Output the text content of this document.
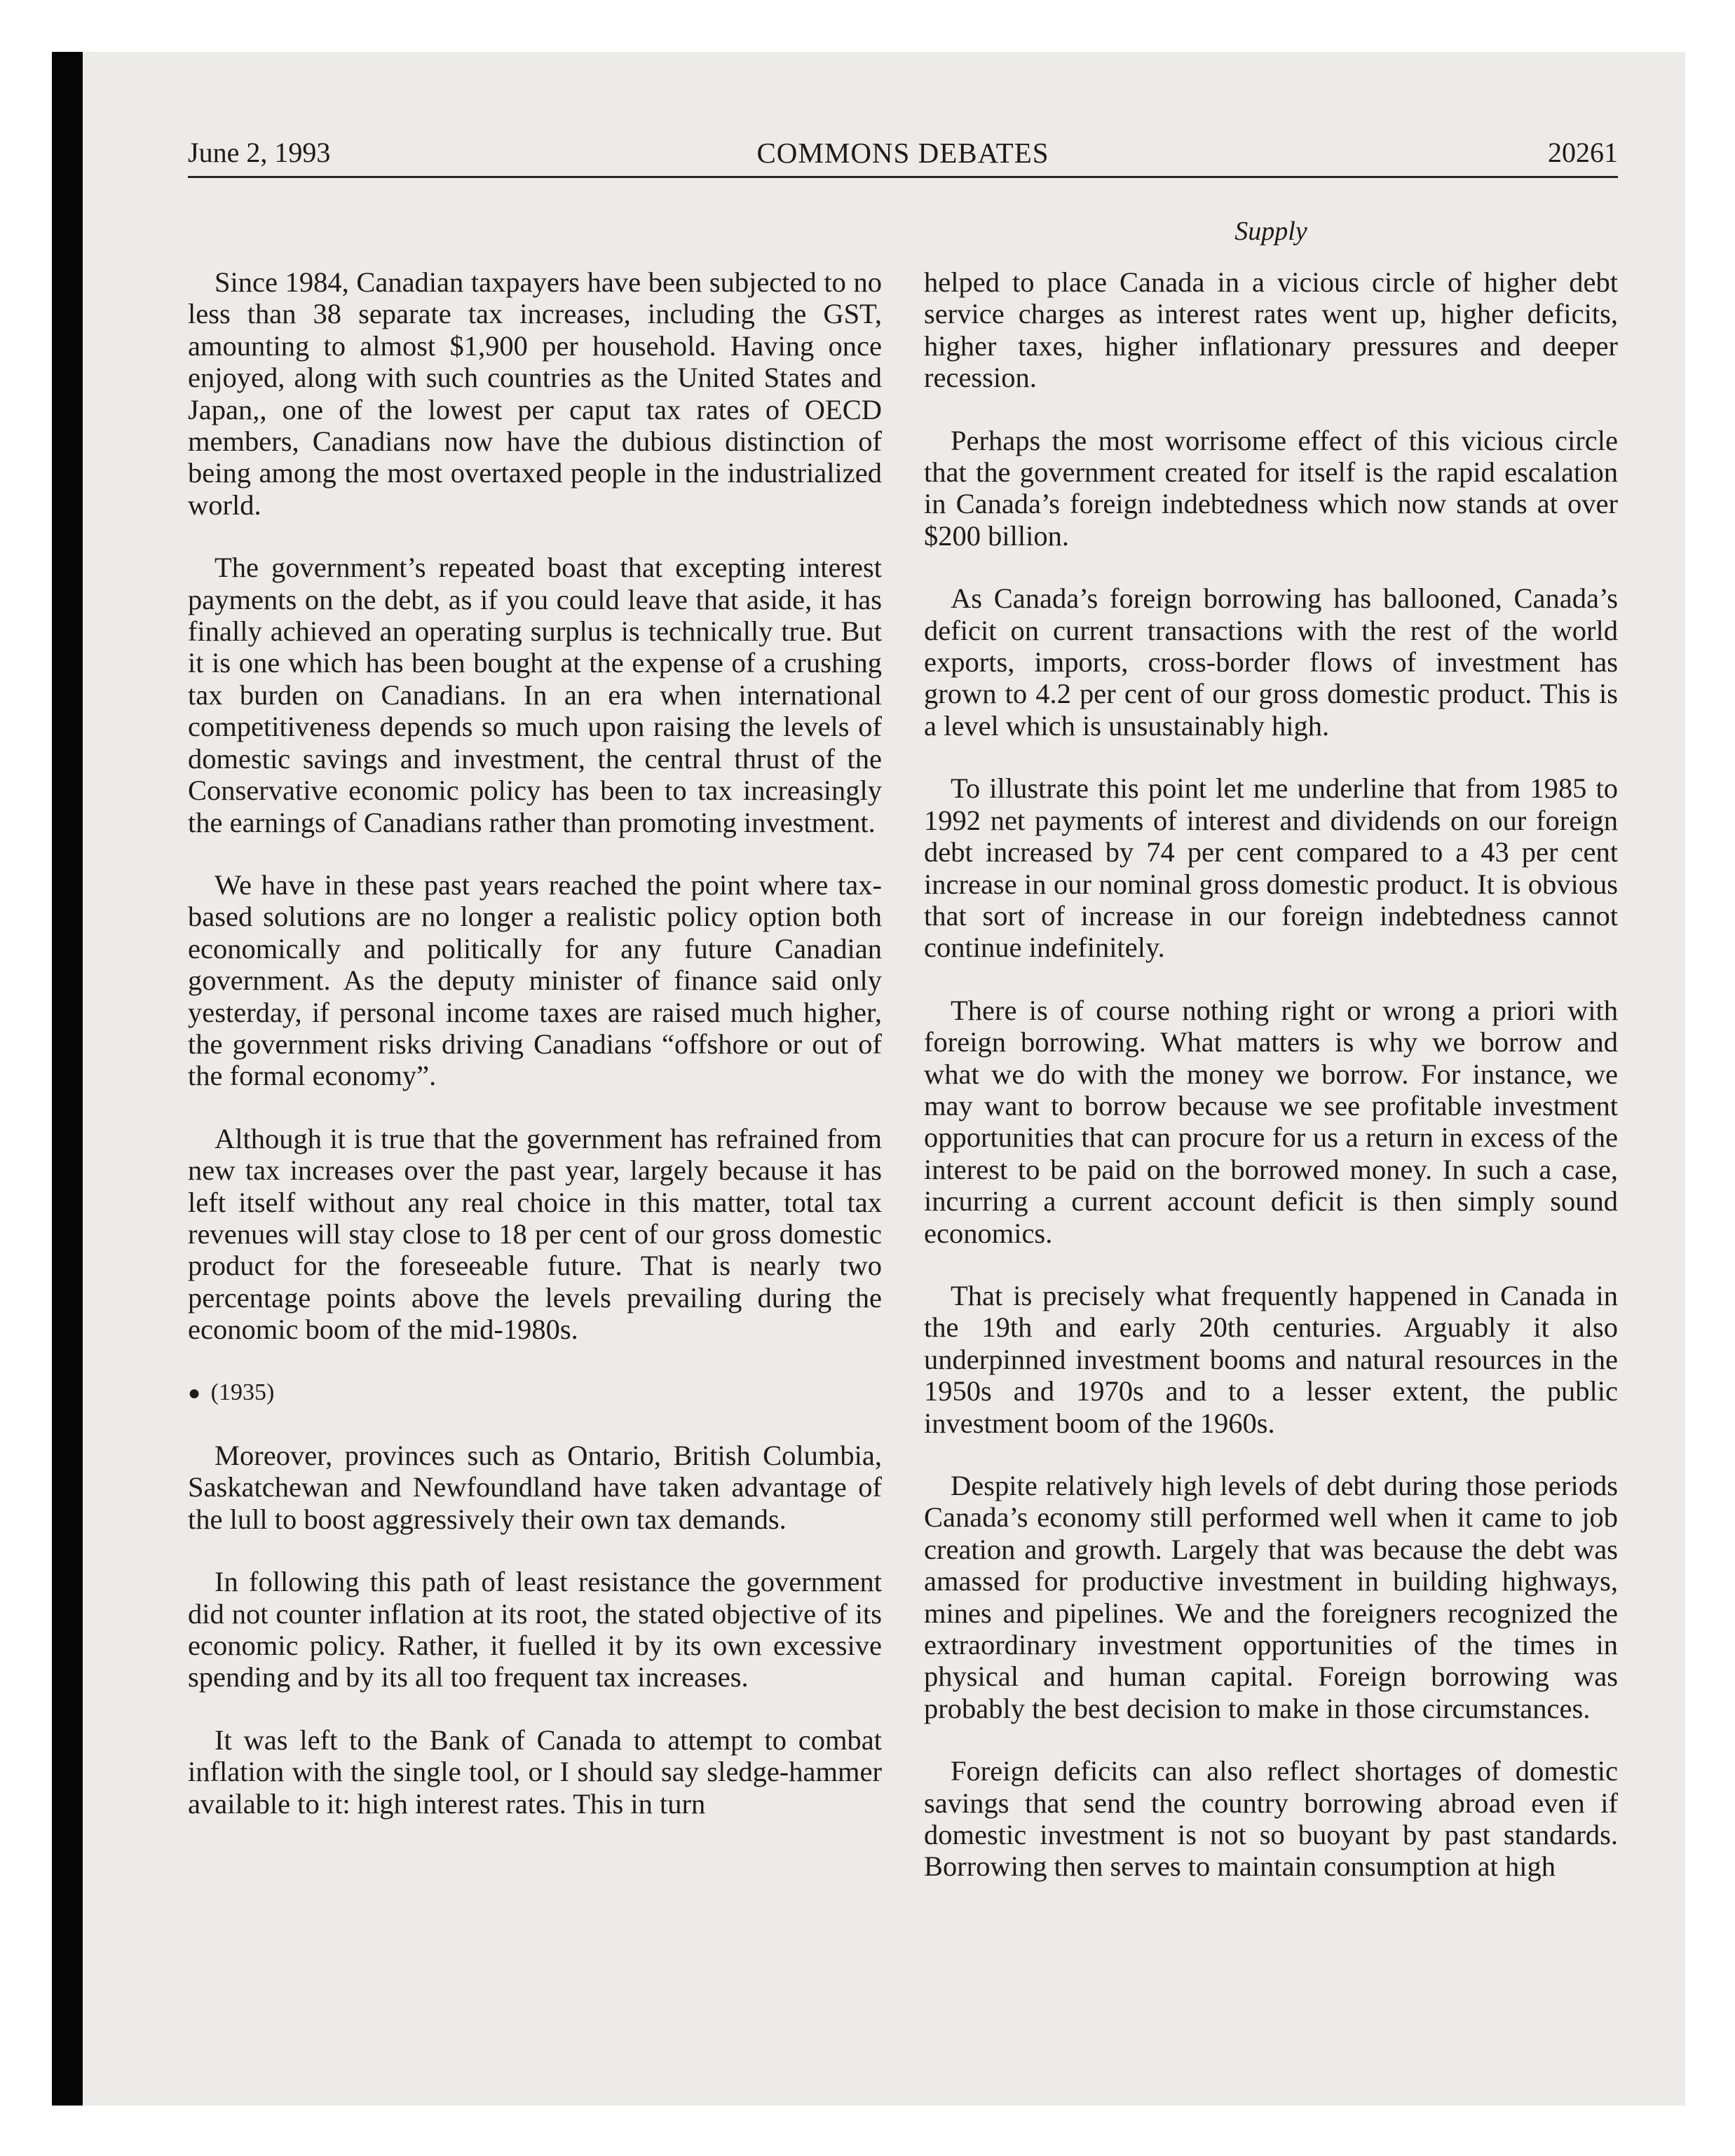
June 2, 1993	COMMONS DEBATES	20261
Supply

Since 1984, Canadian taxpayers have been subjected to no less than 38 separate tax increases, including the GST, amounting to almost $1,900 per household. Having once enjoyed, along with such countries as the United States and Japan,, one of the lowest per caput tax rates of OECD members, Canadians now have the dubious distinction of being among the most overtaxed people in the industrialized world.

The government’s repeated boast that excepting interest payments on the debt, as if you could leave that aside, it has finally achieved an operating surplus is technically true. But it is one which has been bought at the expense of a crushing tax burden on Canadians. In an era when international competitiveness depends so much upon raising the levels of domestic savings and investment, the central thrust of the Conservative economic policy has been to tax increasingly the earnings of Canadians rather than promoting investment.

We have in these past years reached the point where tax-based solutions are no longer a realistic policy option both economically and politically for any future Canadian government. As the deputy minister of finance said only yesterday, if personal income taxes are raised much higher, the government risks driving Canadians “offshore or out of the formal economy”.

Although it is true that the government has refrained from new tax increases over the past year, largely because it has left itself without any real choice in this matter, total tax revenues will stay close to 18 per cent of our gross domestic product for the foreseeable future. That is nearly two percentage points above the levels prevailing during the economic boom of the mid-1980s.

● (1935)

Moreover, provinces such as Ontario, British Columbia, Saskatchewan and Newfoundland have taken advantage of the lull to boost aggressively their own tax demands.

In following this path of least resistance the government did not counter inflation at its root, the stated objective of its economic policy. Rather, it fuelled it by its own excessive spending and by its all too frequent tax increases.

It was left to the Bank of Canada to attempt to combat inflation with the single tool, or I should say sledge-hammer available to it: high interest rates. This in turn

helped to place Canada in a vicious circle of higher debt service charges as interest rates went up, higher deficits, higher taxes, higher inflationary pressures and deeper recession.

Perhaps the most worrisome effect of this vicious circle that the government created for itself is the rapid escalation in Canada’s foreign indebtedness which now stands at over $200 billion.

As Canada’s foreign borrowing has ballooned, Canada’s deficit on current transactions with the rest of the world exports, imports, cross-border flows of investment has grown to 4.2 per cent of our gross domestic product. This is a level which is unsustainably high.

To illustrate this point let me underline that from 1985 to 1992 net payments of interest and dividends on our foreign debt increased by 74 per cent compared to a 43 per cent increase in our nominal gross domestic product. It is obvious that sort of increase in our foreign indebtedness cannot continue indefinitely.

There is of course nothing right or wrong a priori with foreign borrowing. What matters is why we borrow and what we do with the money we borrow. For instance, we may want to borrow because we see profitable investment opportunities that can procure for us a return in excess of the interest to be paid on the borrowed money. In such a case, incurring a current account deficit is then simply sound economics.

That is precisely what frequently happened in Canada in the 19th and early 20th centuries. Arguably it also underpinned investment booms and natural resources in the 1950s and 1970s and to a lesser extent, the public investment boom of the 1960s.

Despite relatively high levels of debt during those periods Canada’s economy still performed well when it came to job creation and growth. Largely that was because the debt was amassed for productive investment in building highways, mines and pipelines. We and the foreigners recognized the extraordinary investment opportunities of the times in physical and human capital. Foreign borrowing was probably the best decision to make in those circumstances.

Foreign deficits can also reflect shortages of domestic savings that send the country borrowing abroad even if domestic investment is not so buoyant by past standards. Borrowing then serves to maintain consumption at high
